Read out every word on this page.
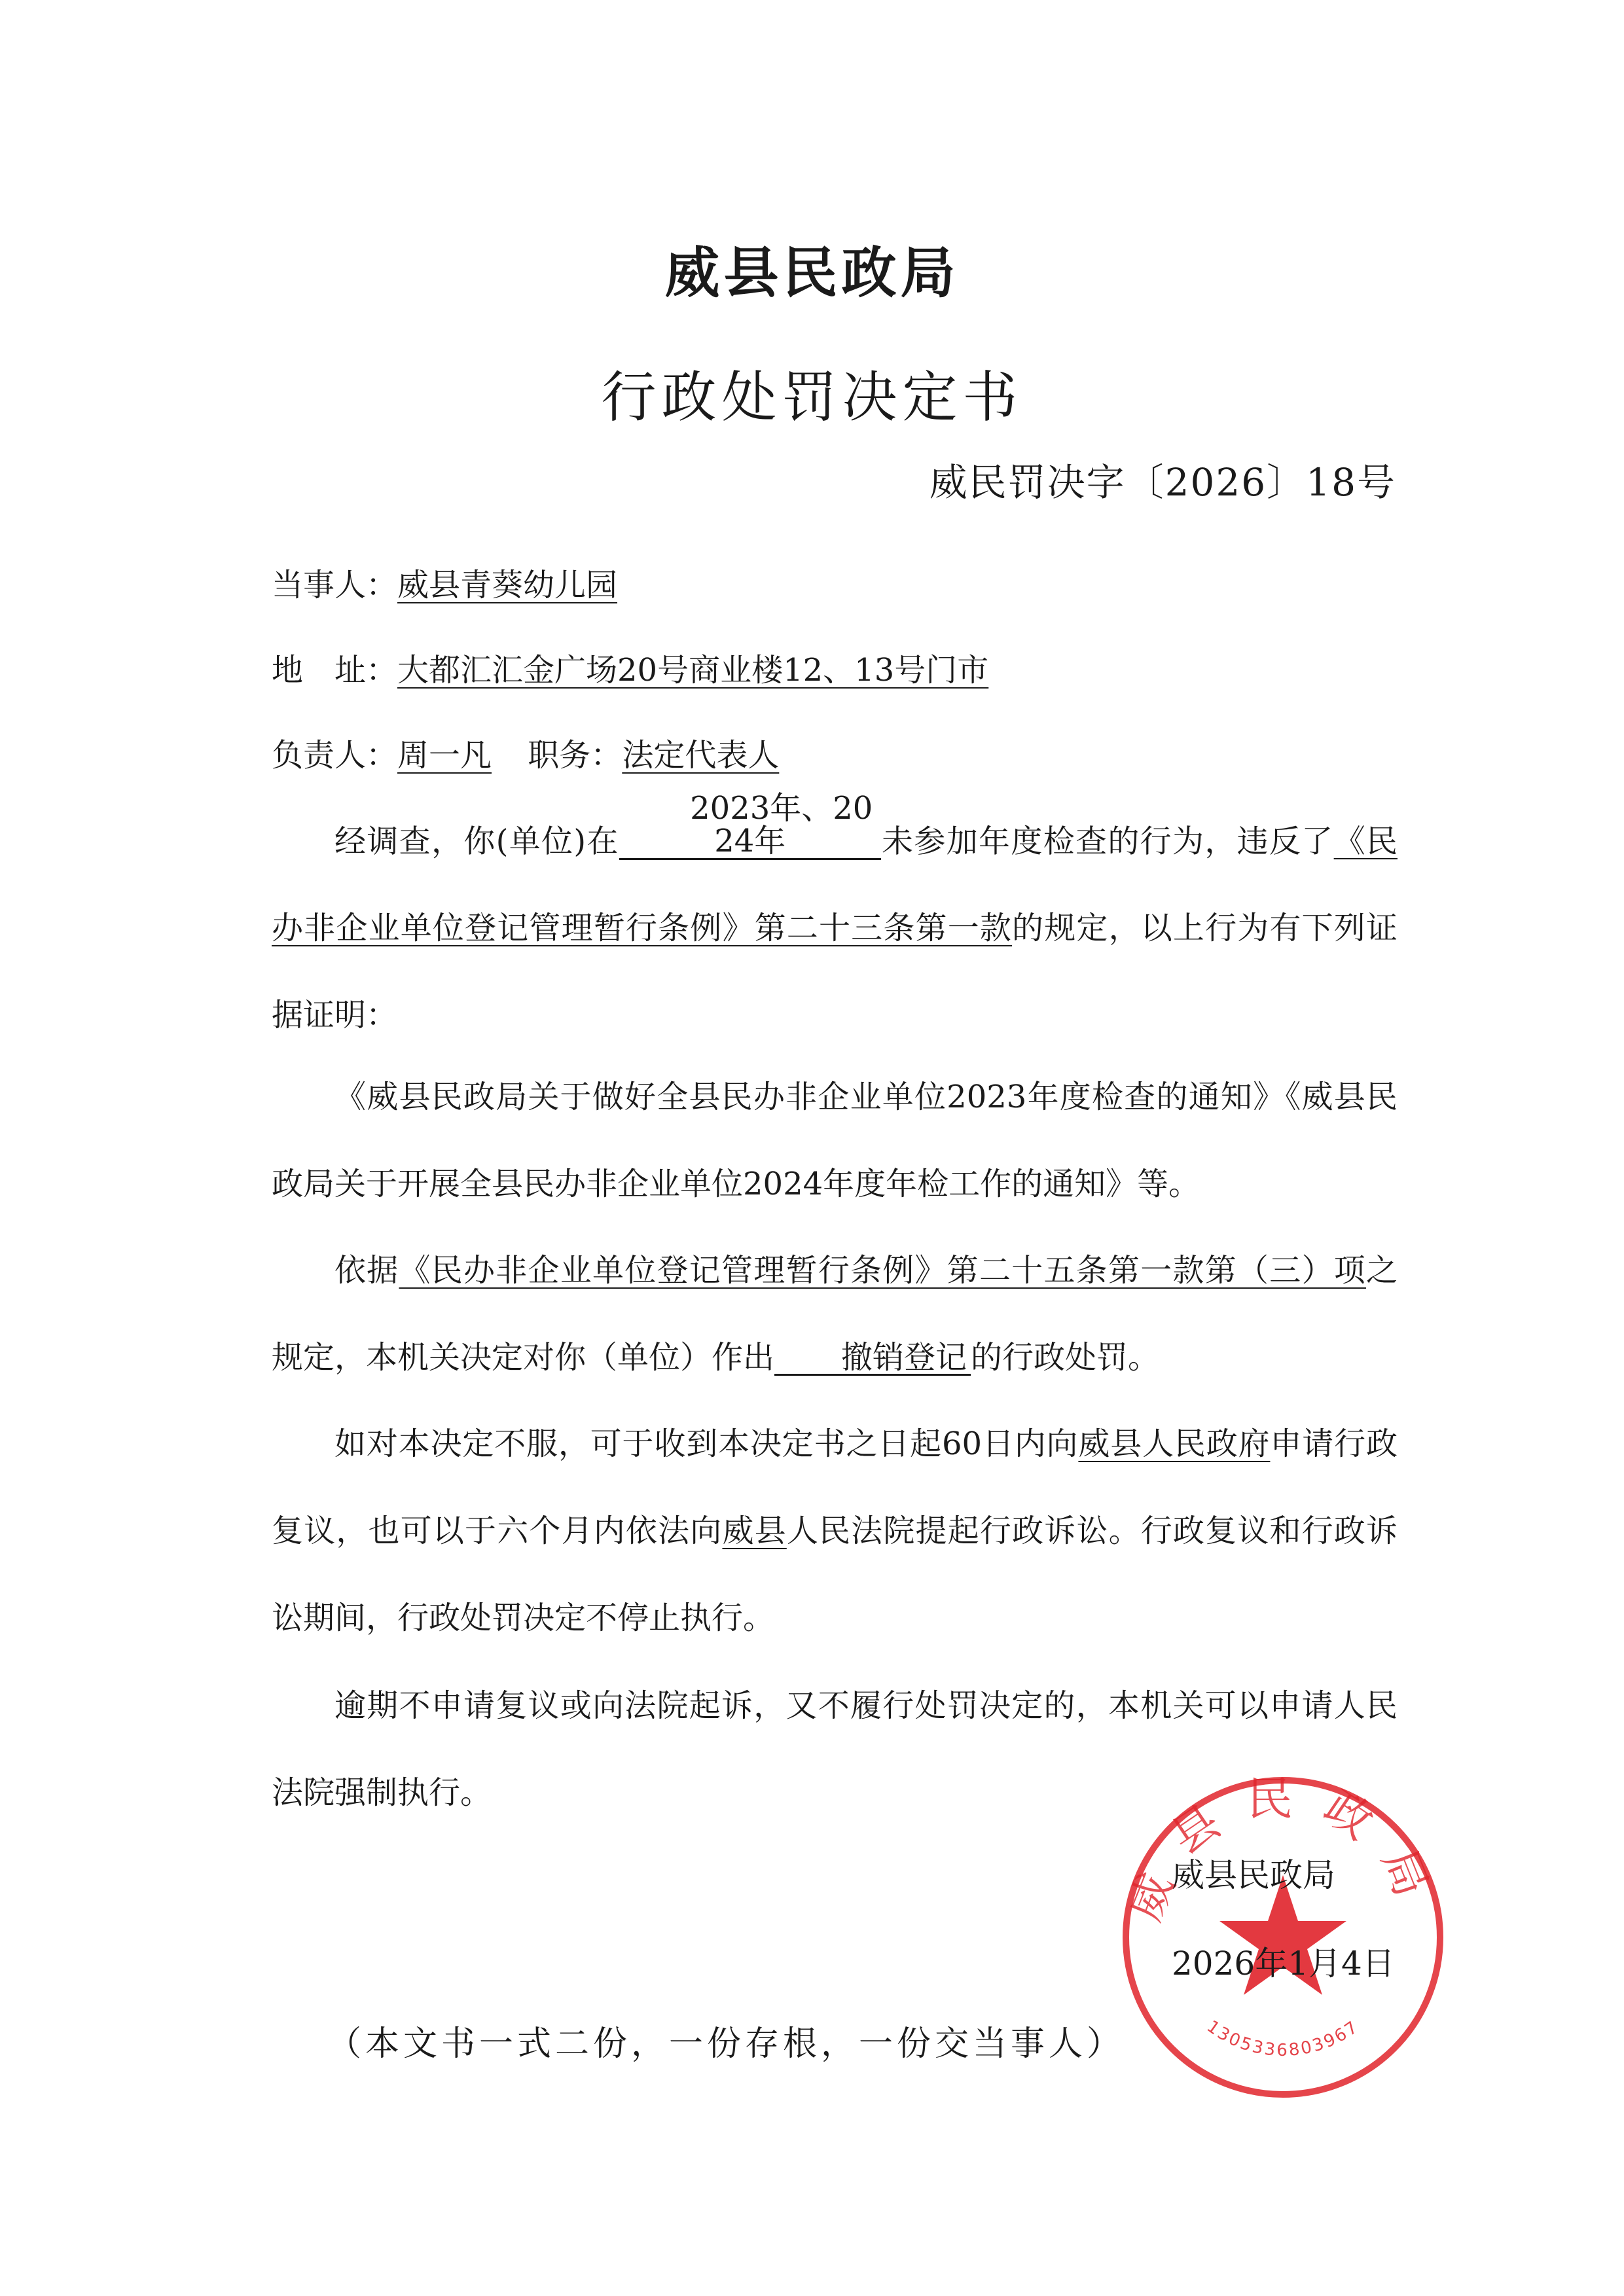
威县民政局
行政处罚决定书
威民罚决字〔2026〕18号
当事人：威县青葵幼儿园
地　址：大都汇汇金广场20号商业楼12、13号门市
负责人：周一凡 职务：法定代表人
经调查，你(单位)在2023年、2024年	未参加年度检查的行为，违反了《民办非企业单位登记管理暂行条例》第二十三条第一款的规定，以上行为有下列证据证明：
《威县民政局关于做好全县民办非企业单位2023年度检查的通知》《威县民政局关于开展全县民办非企业单位2024年度年检工作的通知》等。
依据《民办非企业单位登记管理暂行条例》第二十五条第一款第（三）项之规定，本机关决定对你（单位）作出 撤销登记 的行政处罚。
如对本决定不服，可于收到本决定书之日起60日内向威县人民政府申请行政复议，也可以于六个月内依法向威县人民法院提起行政诉讼。行政复议和行政诉讼期间，行政处罚决定不停止执行。
逾期不申请复议或向法院起诉，又不履行处罚决定的，本机关可以申请人民法院强制执行。
威县民政局
1305336803967
威县民政局
2026年1月4日
（本文书一式二份，一份存根，一份交当事人）
